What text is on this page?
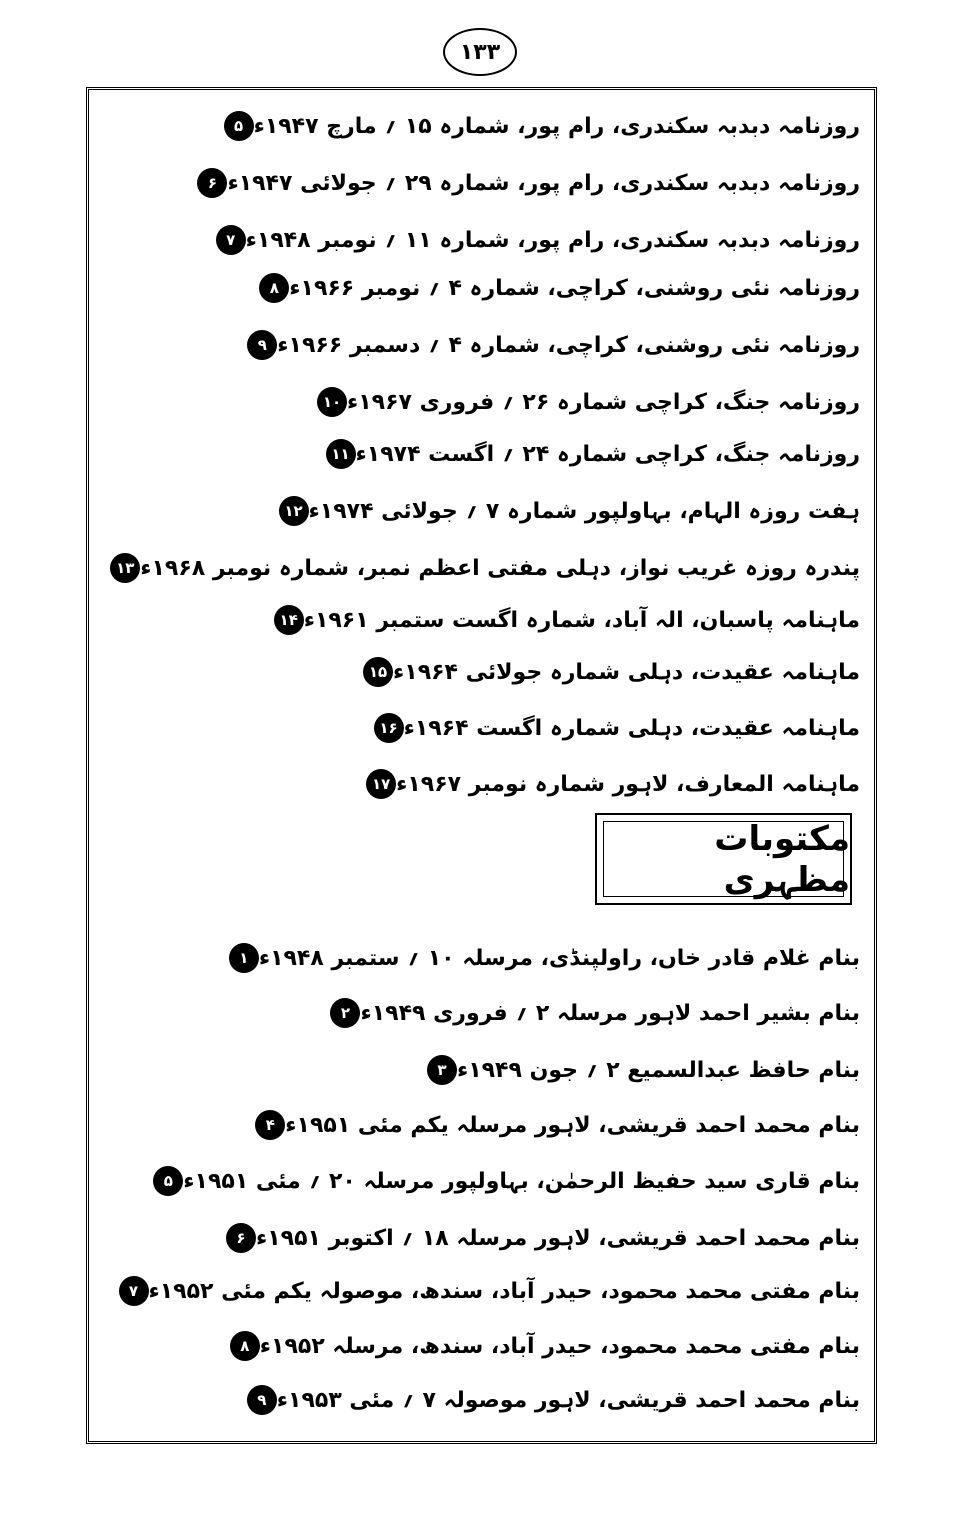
۱۳۳
۵ روزنامہ دبدبہ سکندری، رام پور، شمارہ ۱۵ ؍ مارچ ۱۹۴۷ء
۶ روزنامہ دبدبہ سکندری، رام پور، شمارہ ۲۹ ؍ جولائی ۱۹۴۷ء
۷ روزنامہ دبدبہ سکندری، رام پور، شمارہ ۱۱ ؍ نومبر ۱۹۴۸ء
۸ روزنامہ نئی روشنی، کراچی، شمارہ ۴ ؍ نومبر ۱۹۶۶ء
۹ روزنامہ نئی روشنی، کراچی، شمارہ ۴ ؍ دسمبر ۱۹۶۶ء
۱۰ روزنامہ جنگ، کراچی شمارہ ۲۶ ؍ فروری ۱۹۶۷ء
۱۱ روزنامہ جنگ، کراچی شمارہ ۲۴ ؍ اگست ۱۹۷۴ء
۱۲ ہفت روزہ الہام، بہاولپور شمارہ ۷ ؍ جولائی ۱۹۷۴ء
۱۳ پندرہ روزہ غریب نواز، دہلی مفتی اعظم نمبر، شمارہ نومبر ۱۹۶۸ء
۱۴ ماہنامہ پاسبان، الہ آباد، شمارہ اگست ستمبر ۱۹۶۱ء
۱۵ ماہنامہ عقیدت، دہلی شمارہ جولائی ۱۹۶۴ء
۱۶ ماہنامہ عقیدت، دہلی شمارہ اگست ۱۹۶۴ء
۱۷ ماہنامہ المعارف، لاہور شمارہ نومبر ۱۹۶۷ء
مکتوبات مظہری
۱ بنام غلام قادر خاں، راولپنڈی، مرسلہ ۱۰ ؍ ستمبر ۱۹۴۸ء
۲ بنام بشیر احمد لاہور مرسلہ ۲ ؍ فروری ۱۹۴۹ء
۳ بنام حافظ عبدالسمیع ۲ ؍ جون ۱۹۴۹ء
۴ بنام محمد احمد قریشی، لاہور مرسلہ یکم مئی ۱۹۵۱ء
۵ بنام قاری سید حفیظ الرحمٰن، بہاولپور مرسلہ ۲۰ ؍ مئی ۱۹۵۱ء
۶ بنام محمد احمد قریشی، لاہور مرسلہ ۱۸ ؍ اکتوبر ۱۹۵۱ء
۷ بنام مفتی محمد محمود، حیدر آباد، سندھ، موصولہ یکم مئی ۱۹۵۲ء
۸ بنام مفتی محمد محمود، حیدر آباد، سندھ، مرسلہ ۱۹۵۲ء
۹ بنام محمد احمد قریشی، لاہور موصولہ ۷ ؍ مئی ۱۹۵۳ء
